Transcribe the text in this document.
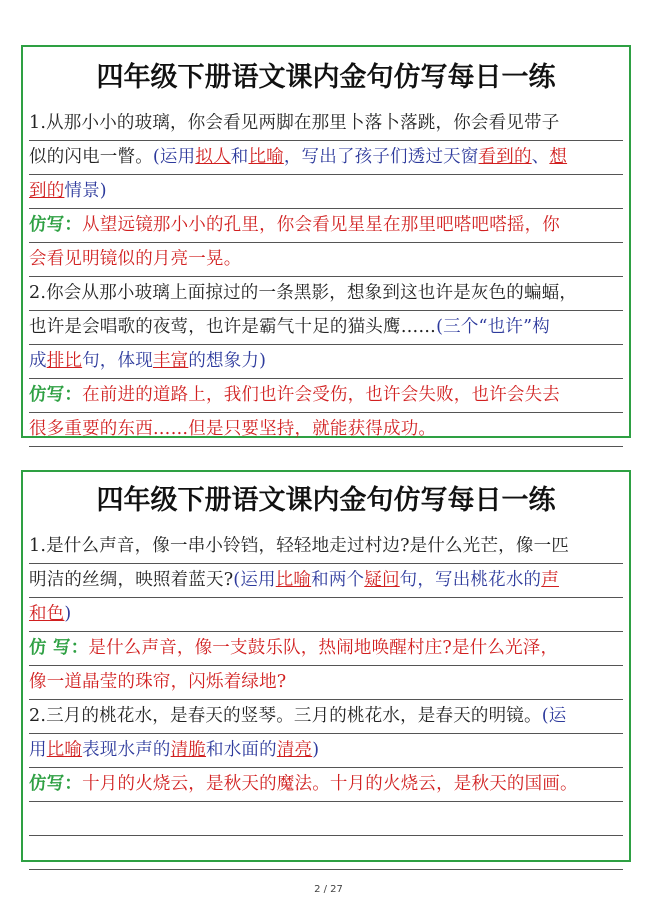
四年级下册语文课内金句仿写每日一练
1.从那小小的玻璃，你会看见两脚在那里卜落卜落跳，你会看见带子
似的闪电一瞥。(运用拟人和比喻，写出了孩子们透过天窗看到的、想
到的情景)
仿写：从望远镜那小小的孔里，你会看见星星在那里吧嗒吧嗒摇，你
会看见明镜似的月亮一晃。
2.你会从那小玻璃上面掠过的一条黑影，想象到这也许是灰色的蝙蝠，
也许是会唱歌的夜莺，也许是霸气十足的猫头鹰……(三个“也许”构
成排比句，体现丰富的想象力)
仿写：在前进的道路上，我们也许会受伤，也许会失败，也许会失去
很多重要的东西……但是只要坚持，就能获得成功。
四年级下册语文课内金句仿写每日一练
1.是什么声音，像一串小铃铛，轻轻地走过村边?是什么光芒，像一匹
明洁的丝绸，映照着蓝天?(运用比喻和两个疑问句，写出桃花水的声
和色)
仿 写：是什么声音，像一支鼓乐队，热闹地唤醒村庄?是什么光泽，
像一道晶莹的珠帘，闪烁着绿地?
2.三月的桃花水，是春天的竖琴。三月的桃花水，是春天的明镜。(运
用比喻表现水声的清脆和水面的清亮)
仿写：十月的火烧云，是秋天的魔法。十月的火烧云，是秋天的国画。
2 / 27
